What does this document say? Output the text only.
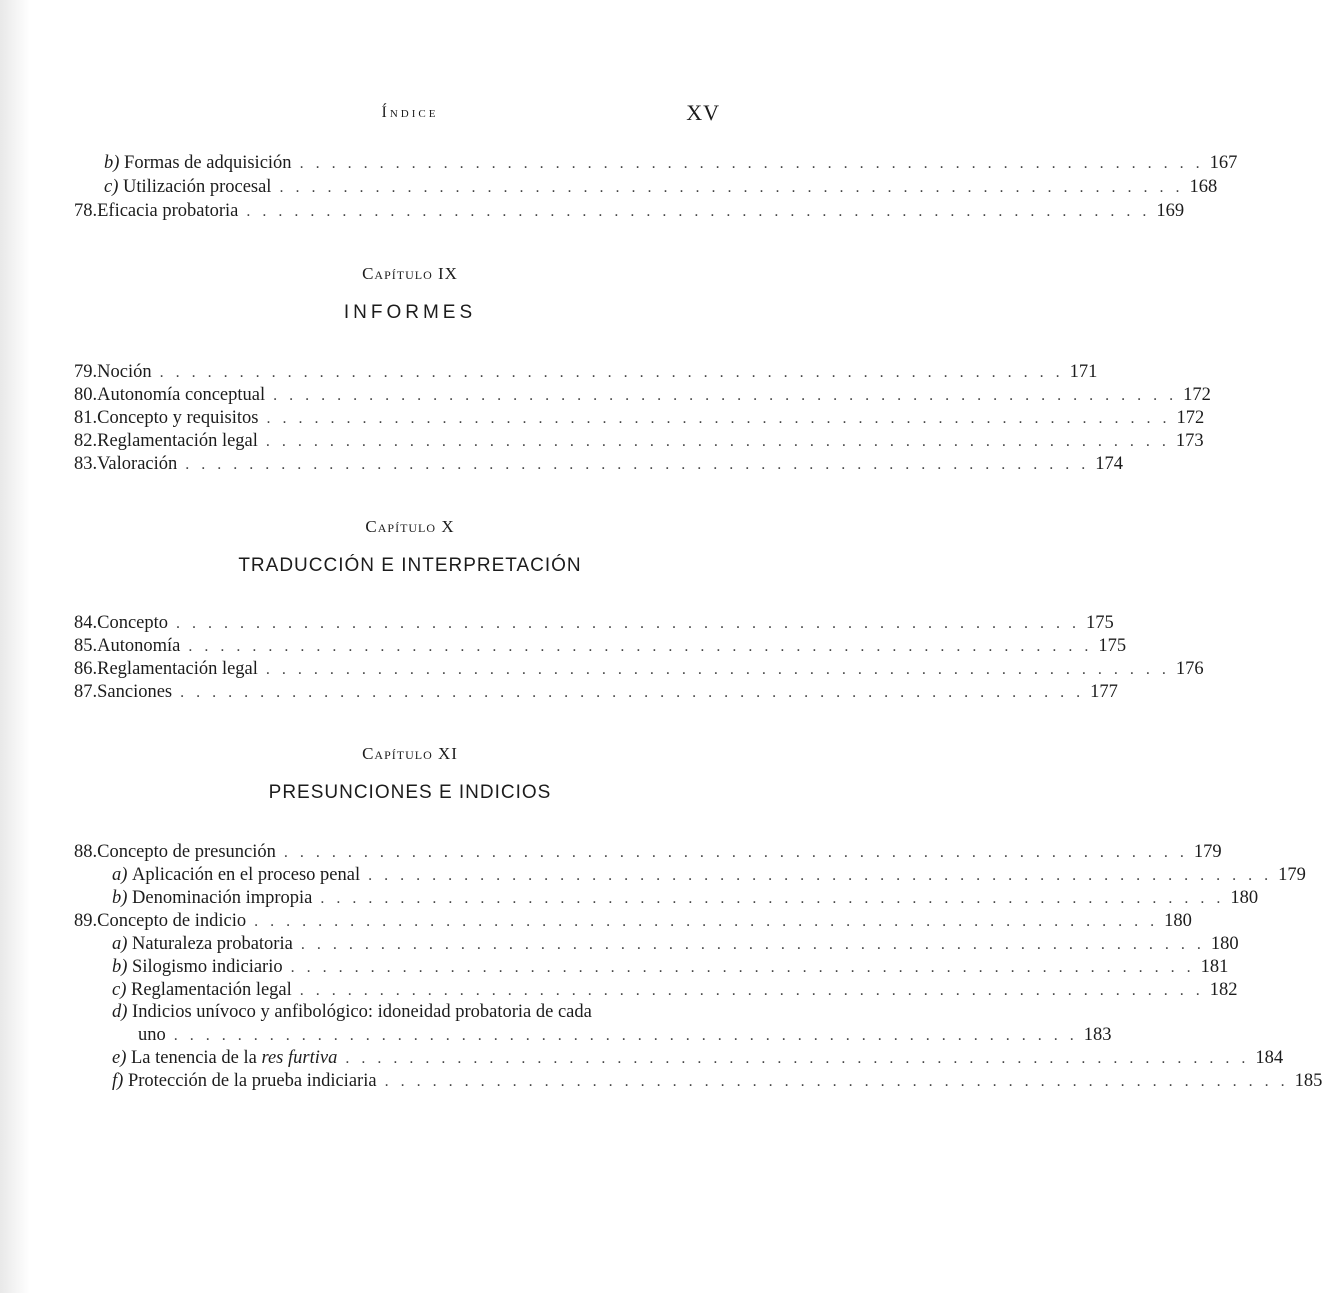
Índice	XV
b)
Formas de adquisición . . . . . . . . . . . . . . . . . . . . . . . . . . . . . . . . . . . . . . . . . . . . . . . . . . . . . . . . . 167
c)
Utilización procesal . . . . . . . . . . . . . . . . . . . . . . . . . . . . . . . . . . . . . . . . . . . . . . . . . . . . . . . . . 168
78. Eficacia probatoria . . . . . . . . . . . . . . . . . . . . . . . . . . . . . . . . . . . . . . . . . . . . . . . . . . . . . . . . . 169
Capítulo IX
INFORMES
79. Noción . . . . . . . . . . . . . . . . . . . . . . . . . . . . . . . . . . . . . . . . . . . . . . . . . . . . . . . . . 171
80. Autonomía conceptual . . . . . . . . . . . . . . . . . . . . . . . . . . . . . . . . . . . . . . . . . . . . . . . . . . . . . . . . . 172
81. Concepto y requisitos . . . . . . . . . . . . . . . . . . . . . . . . . . . . . . . . . . . . . . . . . . . . . . . . . . . . . . . . . 172
82. Reglamentación legal . . . . . . . . . . . . . . . . . . . . . . . . . . . . . . . . . . . . . . . . . . . . . . . . . . . . . . . . . 173
83. Valoración . . . . . . . . . . . . . . . . . . . . . . . . . . . . . . . . . . . . . . . . . . . . . . . . . . . . . . . . . 174
Capítulo X
TRADUCCIÓN E INTERPRETACIÓN
84. Concepto . . . . . . . . . . . . . . . . . . . . . . . . . . . . . . . . . . . . . . . . . . . . . . . . . . . . . . . . . 175
85. Autonomía . . . . . . . . . . . . . . . . . . . . . . . . . . . . . . . . . . . . . . . . . . . . . . . . . . . . . . . . . 175
86. Reglamentación legal . . . . . . . . . . . . . . . . . . . . . . . . . . . . . . . . . . . . . . . . . . . . . . . . . . . . . . . . . 176
87. Sanciones . . . . . . . . . . . . . . . . . . . . . . . . . . . . . . . . . . . . . . . . . . . . . . . . . . . . . . . . . 177
Capítulo XI
PRESUNCIONES E INDICIOS
88. Concepto de presunción . . . . . . . . . . . . . . . . . . . . . . . . . . . . . . . . . . . . . . . . . . . . . . . . . . . . . . . . . 179
a)
Aplicación en el proceso penal . . . . . . . . . . . . . . . . . . . . . . . . . . . . . . . . . . . . . . . . . . . . . . . . . . . . . . . . . 179
b)
Denominación impropia . . . . . . . . . . . . . . . . . . . . . . . . . . . . . . . . . . . . . . . . . . . . . . . . . . . . . . . . . 180
89. Concepto de indicio . . . . . . . . . . . . . . . . . . . . . . . . . . . . . . . . . . . . . . . . . . . . . . . . . . . . . . . . . 180
a)
Naturaleza probatoria . . . . . . . . . . . . . . . . . . . . . . . . . . . . . . . . . . . . . . . . . . . . . . . . . . . . . . . . . 180
b)
Silogismo indiciario . . . . . . . . . . . . . . . . . . . . . . . . . . . . . . . . . . . . . . . . . . . . . . . . . . . . . . . . . 181
c)
Reglamentación legal . . . . . . . . . . . . . . . . . . . . . . . . . . . . . . . . . . . . . . . . . . . . . . . . . . . . . . . . . 182
d) Indicios unívoco y anfibológico: idoneidad probatoria de cada
uno . . . . . . . . . . . . . . . . . . . . . . . . . . . . . . . . . . . . . . . . . . . . . . . . . . . . . . . . . 183
e)
La tenencia de la
res furtiva . . . . . . . . . . . . . . . . . . . . . . . . . . . . . . . . . . . . . . . . . . . . . . . . . . . . . . . . . 184
f)
Protección de la prueba indiciaria . . . . . . . . . . . . . . . . . . . . . . . . . . . . . . . . . . . . . . . . . . . . . . . . . . . . . . . . . 185
